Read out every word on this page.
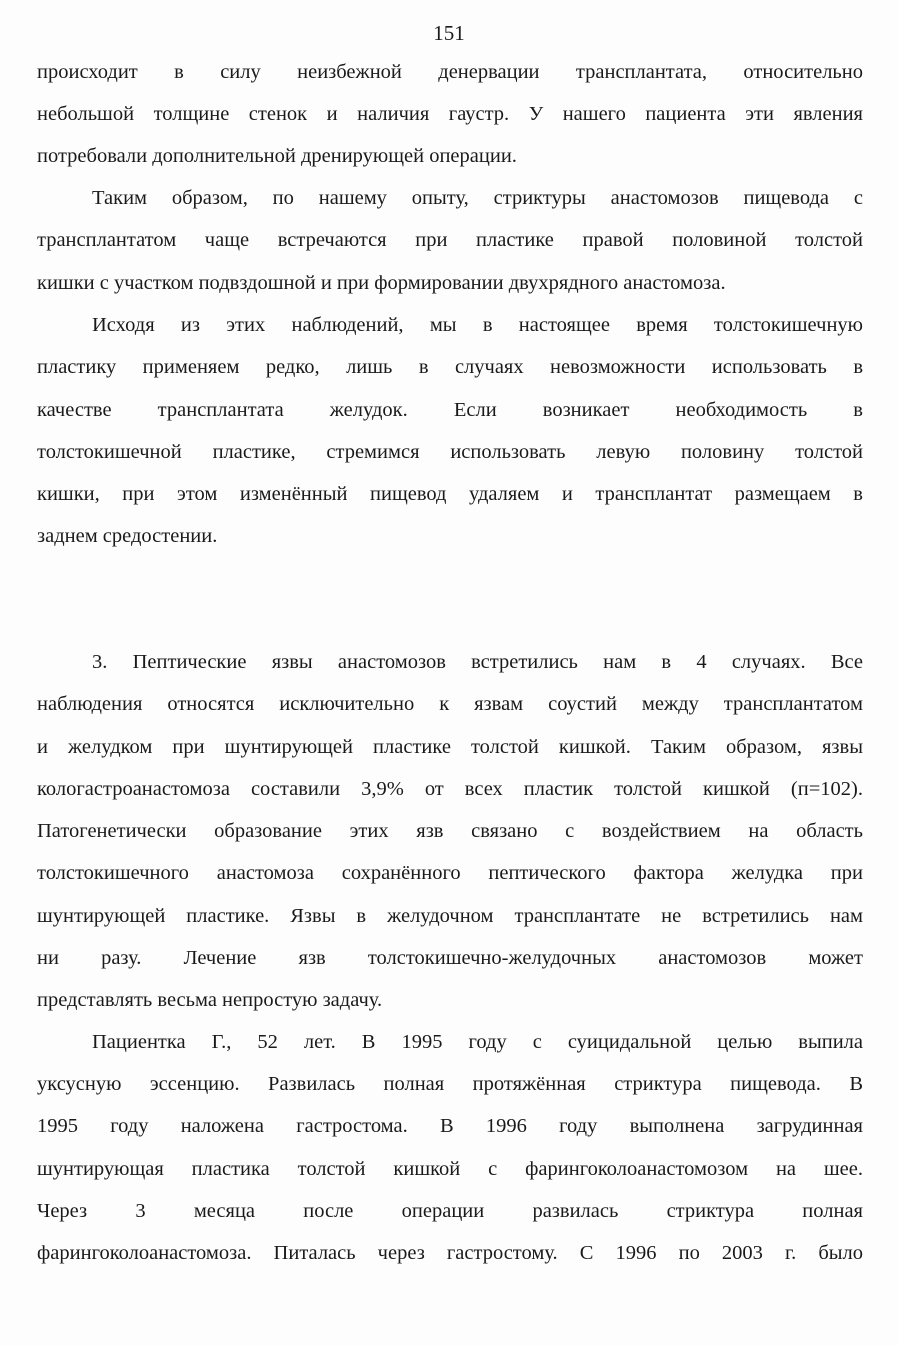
151
происходит в силу неизбежной денервации трансплантата, относительно
небольшой толщине стенок и наличия гаустр. У нашего пациента эти явления
потребовали дополнительной дренирующей операции.
Таким образом, по нашему опыту, стриктуры анастомозов пищевода с
трансплантатом чаще встречаются при пластике правой половиной толстой
кишки с участком подвздошной и при формировании двухрядного анастомоза.
Исходя из этих наблюдений, мы в настоящее время толстокишечную
пластику применяем редко, лишь в случаях невозможности использовать в
качестве трансплантата желудок. Если возникает необходимость в
толстокишечной пластике, стремимся использовать левую половину толстой
кишки, при этом изменённый пищевод удаляем и трансплантат размещаем в
заднем средостении.
3. Пептические язвы анастомозов встретились нам в 4 случаях. Все
наблюдения относятся исключительно к язвам соустий между трансплантатом
и желудком при шунтирующей пластике толстой кишкой. Таким образом, язвы
кологастроанастомоза составили 3,9% от всех пластик толстой кишкой (п=102).
Патогенетически образование этих язв связано с воздействием на область
толстокишечного анастомоза сохранённого пептического фактора желудка при
шунтирующей пластике. Язвы в желудочном трансплантате не встретились нам
ни разу. Лечение язв толстокишечно-желудочных анастомозов может
представлять весьма непростую задачу.
Пациентка Г., 52 лет. В 1995 году с суицидальной целью выпила
уксусную эссенцию. Развилась полная протяжённая стриктура пищевода. В
1995 году наложена гастростома. В 1996 году выполнена загрудинная
шунтирующая пластика толстой кишкой с фарингоколоанастомозом на шее.
Через 3 месяца после операции развилась стриктура полная
фарингоколоанастомоза. Питалась через гастростому. С 1996 по 2003 г. было
